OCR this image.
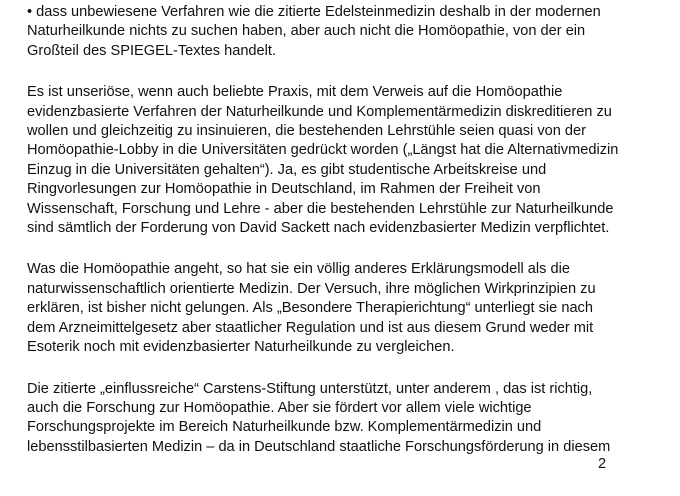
• dass unbewiesene Verfahren wie die zitierte Edelsteinmedizin deshalb in der modernen
Naturheilkunde nichts zu suchen haben, aber auch nicht die Homöopathie, von der ein
Großteil des SPIEGEL-Textes handelt.
Es ist unseriöse, wenn auch beliebte Praxis, mit dem Verweis auf die Homöopathie
evidenzbasierte Verfahren der Naturheilkunde und Komplementärmedizin diskreditieren zu
wollen und gleichzeitig zu insinuieren, die bestehenden Lehrstühle seien quasi von der
Homöopathie-Lobby in die Universitäten gedrückt worden („Längst hat die Alternativmedizin
Einzug in die Universitäten gehalten“). Ja, es gibt studentische Arbeitskreise und
Ringvorlesungen zur Homöopathie in Deutschland, im Rahmen der Freiheit von
Wissenschaft, Forschung und Lehre - aber die bestehenden Lehrstühle zur Naturheilkunde
sind sämtlich der Forderung von David Sackett nach evidenzbasierter Medizin verpflichtet.
Was die Homöopathie angeht, so hat sie ein völlig anderes Erklärungsmodell als die
naturwissenschaftlich orientierte Medizin. Der Versuch, ihre möglichen Wirkprinzipien zu
erklären, ist bisher nicht gelungen. Als „Besondere Therapierichtung“ unterliegt sie nach
dem Arzneimittelgesetz aber staatlicher Regulation und ist aus diesem Grund weder mit
Esoterik noch mit evidenzbasierter Naturheilkunde zu vergleichen.
Die zitierte „einflussreiche“ Carstens-Stiftung unterstützt, unter anderem , das ist richtig,
auch die Forschung zur Homöopathie. Aber sie fördert vor allem viele wichtige
Forschungsprojekte im Bereich Naturheilkunde bzw. Komplementärmedizin und
lebensstilbasierten Medizin – da in Deutschland staatliche Forschungsförderung in diesem
2
